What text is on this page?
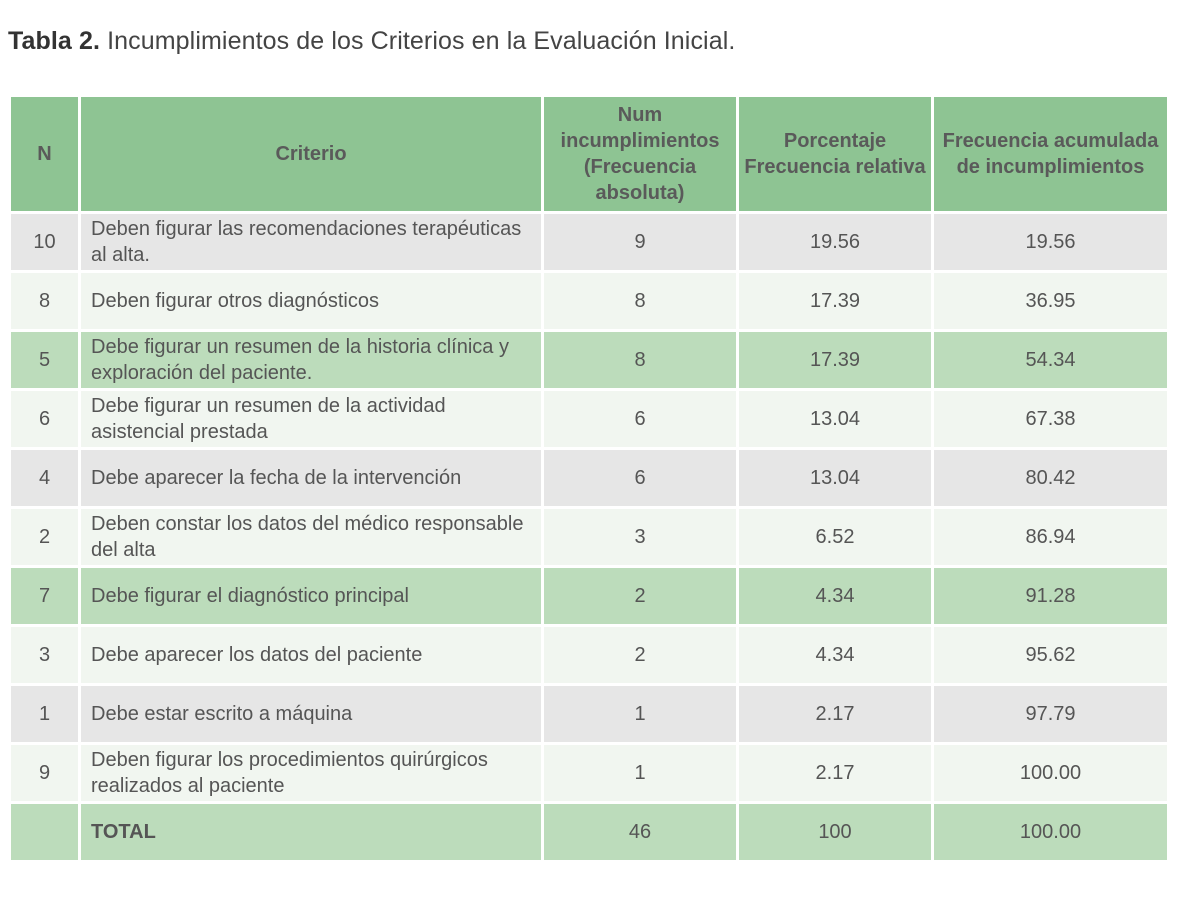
Tabla 2. Incumplimientos de los Criterios en la Evaluación Inicial.
N	Criterio	Num incumplimientos (Frecuencia absoluta)	Porcentaje Frecuencia relativa	Frecuencia acumulada de incumplimientos
10	Deben figurar las recomendaciones terapéuticas al alta.	9	19.56	19.56
8	Deben figurar otros diagnósticos	8	17.39	36.95
5	Debe figurar un resumen de la historia clínica y exploración del paciente.	8	17.39	54.34
6	Debe figurar un resumen de la actividad asistencial prestada	6	13.04	67.38
4	Debe aparecer la fecha de la intervención	6	13.04	80.42
2	Deben constar los datos del médico responsable del alta	3	6.52	86.94
7	Debe figurar el diagnóstico principal	2	4.34	91.28
3	Debe aparecer los datos del paciente	2	4.34	95.62
1	Debe estar escrito a máquina	1	2.17	97.79
9	Deben figurar los procedimientos quirúrgicos realizados al paciente	1	2.17	100.00
	TOTAL	46	100	100.00
